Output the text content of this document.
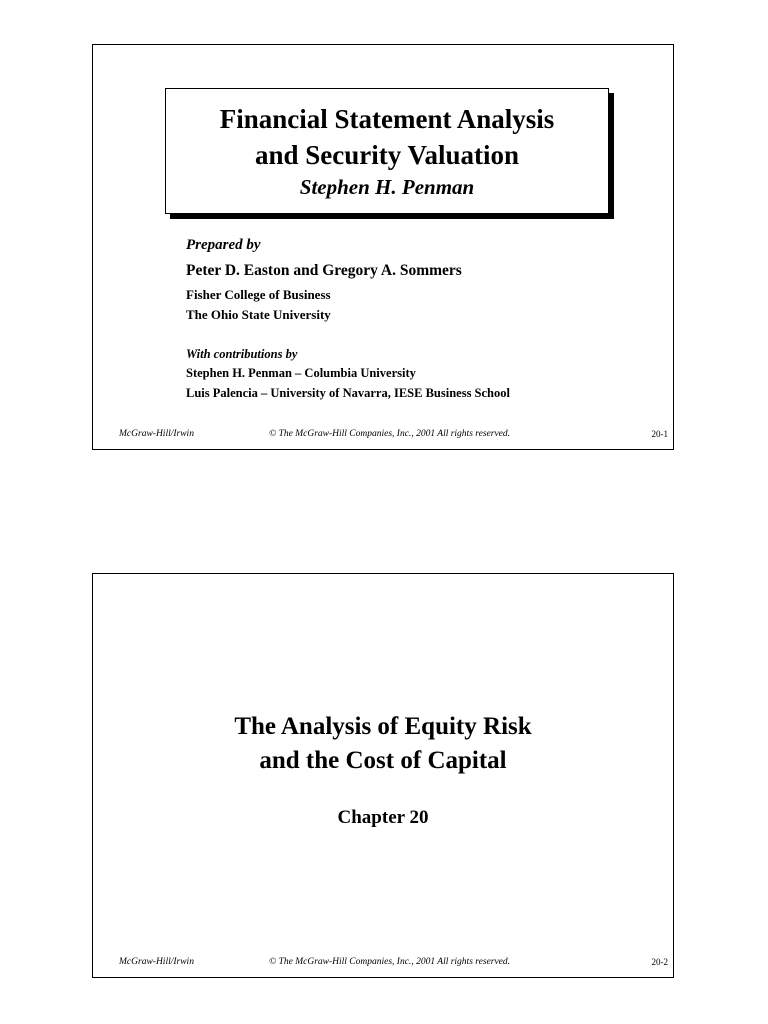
Financial Statement Analysis
and Security Valuation
Stephen H. Penman
Prepared by
Peter D. Easton and Gregory A. Sommers
Fisher College of Business
The Ohio State University
With contributions by
Stephen H. Penman – Columbia University
Luis Palencia – University of Navarra, IESE Business School
McGraw-Hill/Irwin	© The McGraw-Hill Companies, Inc., 2001 All rights reserved.	20-1
The Analysis of Equity Risk
and the Cost of Capital
Chapter 20
McGraw-Hill/Irwin	© The McGraw-Hill Companies, Inc., 2001 All rights reserved.	20-2
